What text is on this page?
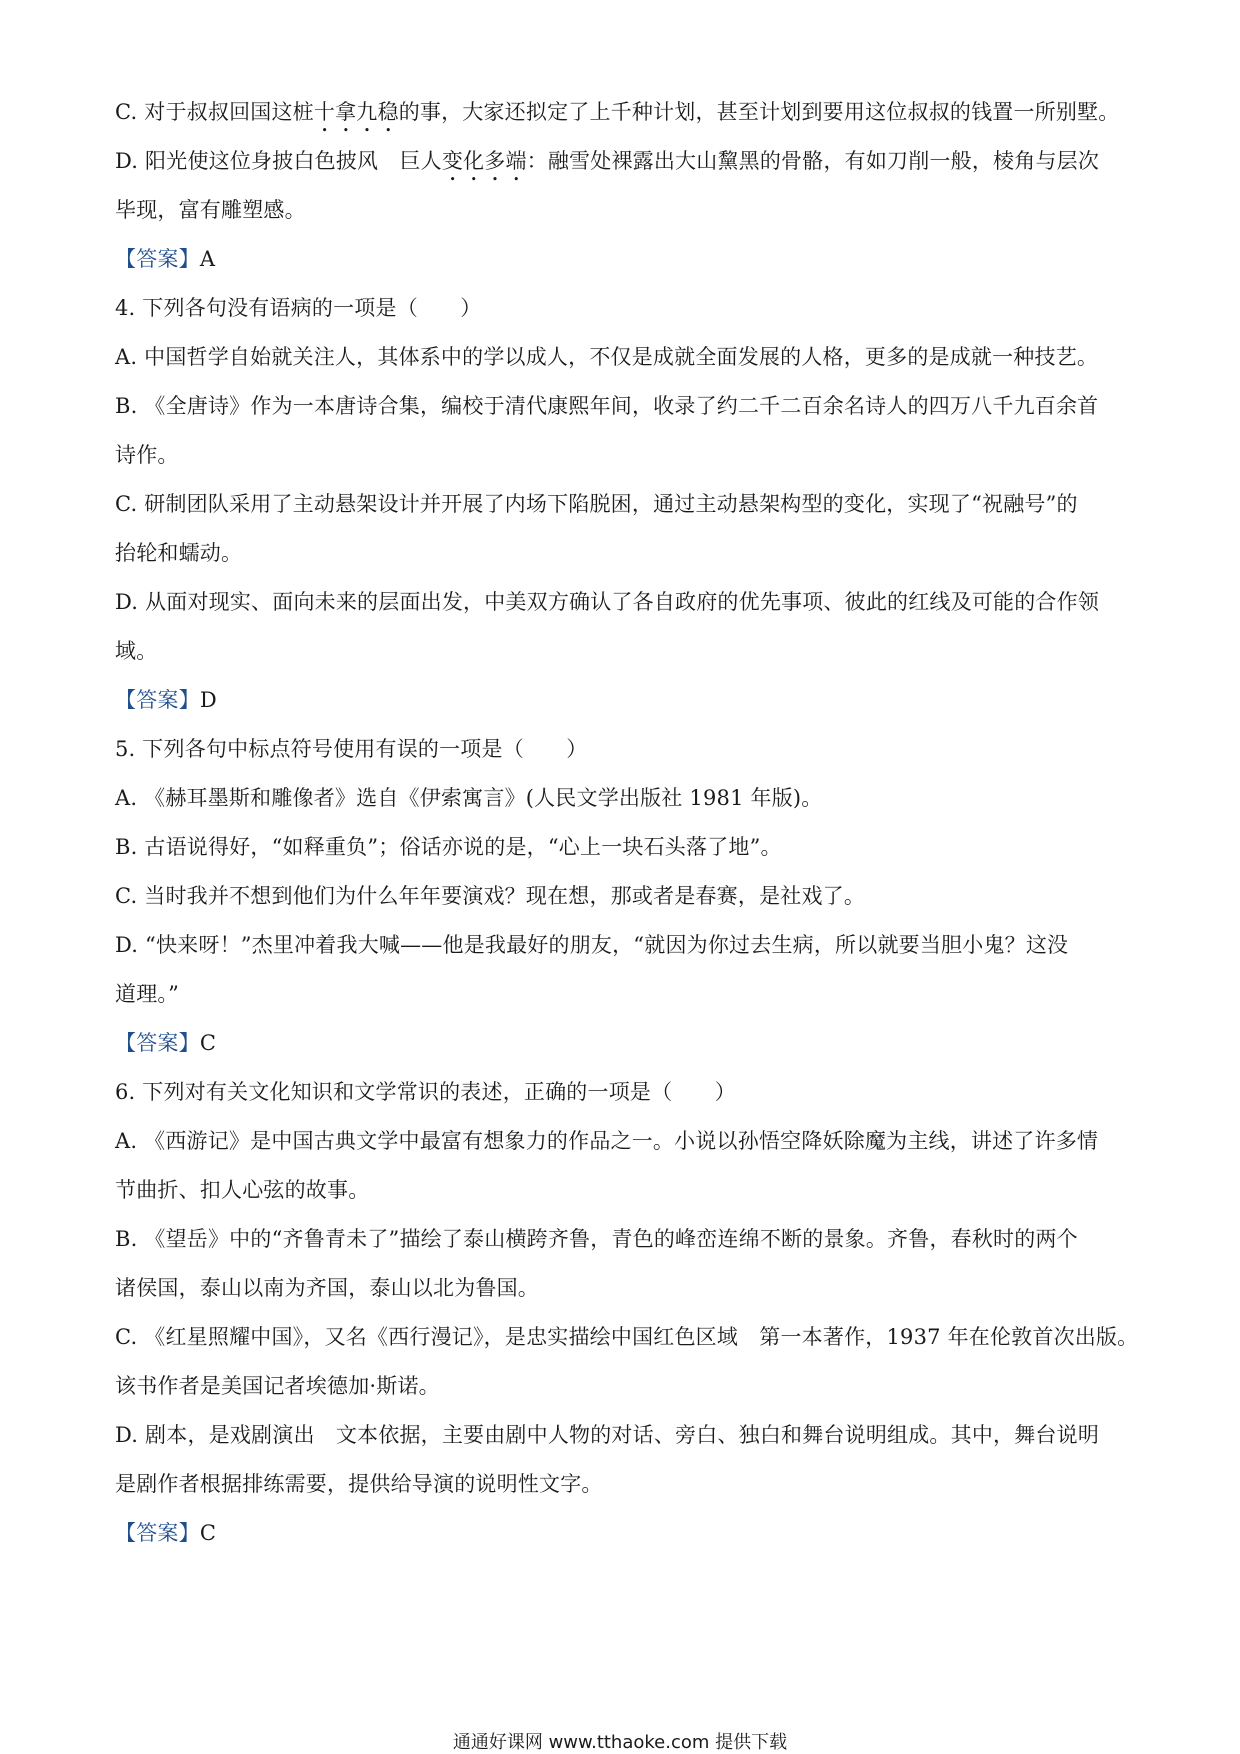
C. 对于叔叔回国这桩十拿九稳的事，大家还拟定了上千种计划，甚至计划到要用这位叔叔的钱置一所别墅。
D. 阳光使这位身披白色披风　巨人变化多端：融雪处裸露出大山黧黑的骨骼，有如刀削一般，棱角与层次
毕现，富有雕塑感。
【答案】A
4. 下列各句没有语病的一项是（　　）
A. 中国哲学自始就关注人，其体系中的学以成人，不仅是成就全面发展的人格，更多的是成就一种技艺。
B. 《全唐诗》作为一本唐诗合集，编校于清代康熙年间，收录了约二千二百余名诗人的四万八千九百余首
诗作。
C. 研制团队采用了主动悬架设计并开展了内场下陷脱困，通过主动悬架构型的变化，实现了“祝融号”的
抬轮和蠕动。
D. 从面对现实、面向未来的层面出发，中美双方确认了各自政府的优先事项、彼此的红线及可能的合作领
域。
【答案】D
5. 下列各句中标点符号使用有误的一项是（　　）
A. 《赫耳墨斯和雕像者》选自《伊索寓言》(人民文学出版社 1981 年版)。
B. 古语说得好，“如释重负”；俗话亦说的是，“心上一块石头落了地”。
C. 当时我并不想到他们为什么年年要演戏？现在想，那或者是春赛，是社戏了。
D. “快来呀！”杰里冲着我大喊——他是我最好的朋友，“就因为你过去生病，所以就要当胆小鬼？这没
道理。”
【答案】C
6. 下列对有关文化知识和文学常识的表述，正确的一项是（　　）
A. 《西游记》是中国古典文学中最富有想象力的作品之一。小说以孙悟空降妖除魔为主线，讲述了许多情
节曲折、扣人心弦的故事。
B. 《望岳》中的“齐鲁青未了”描绘了泰山横跨齐鲁，青色的峰峦连绵不断的景象。齐鲁，春秋时的两个
诸侯国，泰山以南为齐国，泰山以北为鲁国。
C. 《红星照耀中国》，又名《西行漫记》，是忠实描绘中国红色区域　第一本著作，1937 年在伦敦首次出版。
该书作者是美国记者埃德加·斯诺。
D. 剧本，是戏剧演出　文本依据，主要由剧中人物的对话、旁白、独白和舞台说明组成。其中，舞台说明
是剧作者根据排练需要，提供给导演的说明性文字。
【答案】C
通通好课网 www.tthaoke.com 提供下载
